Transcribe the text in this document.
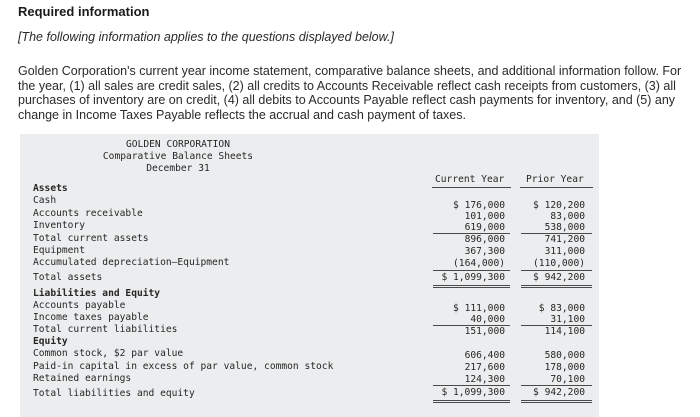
Required information
[The following information applies to the questions displayed below.]
Golden Corporation's current year income statement, comparative balance sheets, and additional information follow. For the year, (1) all sales are credit sales, (2) all credits to Accounts Receivable reflect cash receipts from customers, (3) all purchases of inventory are on credit, (4) all debits to Accounts Payable reflect cash payments for inventory, and (5) any change in Income Taxes Payable reflects the accrual and cash payment of taxes.
GOLDEN CORPORATION
Comparative Balance Sheets
December 31
Current Year Prior Year
Assets
Cash	$ 176,000	$ 120,200
Accounts receivable	101,000	83,000
Inventory	619,000	538,000
Total current assets	896,000	741,200
Equipment	367,300	311,000
Accumulated depreciation—Equipment	(164,000)	(110,000)
Total assets	$ 1,099,300	$ 942,200
Liabilities and Equity
Accounts payable	$ 111,000	$ 83,000
Income taxes payable	40,000	31,100
Total current liabilities	151,000	114,100
Equity
Common stock, $2 par value	606,400	580,000
Paid-in capital in excess of par value, common stock	217,600	178,000
Retained earnings	124,300	70,100
Total liabilities and equity	$ 1,099,300	$ 942,200
